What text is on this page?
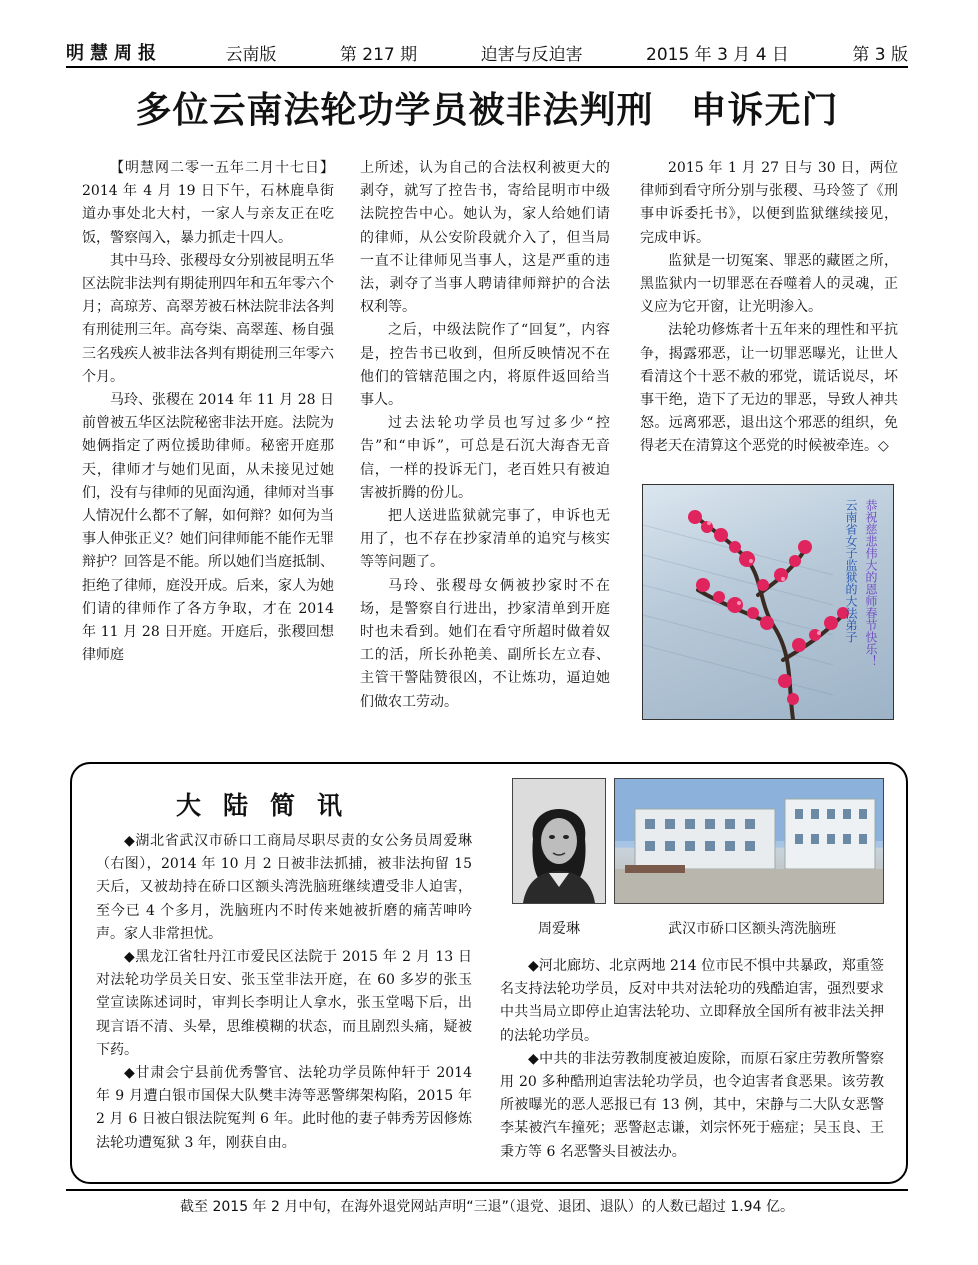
明慧周报	云南版	第 217 期	迫害与反迫害	2015 年 3 月 4 日	第 3 版
多位云南法轮功学员被非法判刑　申诉无门

【明慧网二零一五年二月十七日】2014 年 4 月 19 日下午，石林鹿阜街道办事处北大村，一家人与亲友正在吃饭，警察闯入，暴力抓走十四人。

其中马玲、张稷母女分别被昆明五华区法院非法判有期徒刑四年和五年零六个月；高琼芳、高翠芳被石林法院非法各判有刑徒刑三年。高夸柒、高翠莲、杨自强三名残疾人被非法各判有期徒刑三年零六个月。

马玲、张稷在 2014 年 11 月 28 日前曾被五华区法院秘密非法开庭。法院为她俩指定了两位援助律师。秘密开庭那天，律师才与她们见面，从未接见过她们，没有与律师的见面沟通，律师对当事人情况什么都不了解，如何辩？如何为当事人伸张正义？她们问律师能不能作无罪辩护？回答是不能。所以她们当庭抵制、拒绝了律师，庭没开成。后来，家人为她们请的律师作了各方争取，才在 2014 年 11 月 28 日开庭。开庭后，张稷回想律师庭

上所述，认为自己的合法权利被更大的剥夺，就写了控告书，寄给昆明市中级法院控告中心。她认为，家人给她们请的律师，从公安阶段就介入了，但当局一直不让律师见当事人，这是严重的违法，剥夺了当事人聘请律师辩护的合法权利等。

之后，中级法院作了“回复”，内容是，控告书已收到，但所反映情况不在他们的管辖范围之内，将原件返回给当事人。

过去法轮功学员也写过多少“控告”和“申诉”，可总是石沉大海杳无音信，一样的投诉无门，老百姓只有被迫害被折腾的份儿。

把人送进监狱就完事了，申诉也无用了，也不存在抄家清单的追究与核实等等问题了。

马玲、张稷母女俩被抄家时不在场，是警察自行进出，抄家清单到开庭时也未看到。她们在看守所超时做着奴工的活，所长孙艳美、副所长左立春、主管干警陆赞很凶，不让炼功，逼迫她们做农工劳动。

2015 年 1 月 27 日与 30 日，两位律师到看守所分别与张稷、马玲签了《刑事申诉委托书》，以便到监狱继续接见，完成申诉。

监狱是一切冤案、罪恶的藏匿之所，黑监狱内一切罪恶在吞噬着人的灵魂，正义应为它开窗，让光明渗入。

法轮功修炼者十五年来的理性和平抗争，揭露邪恶，让一切罪恶曝光，让世人看清这个十恶不赦的邪党，谎话说尽，坏事干绝，造下了无边的罪恶，导致人神共怒。远离邪恶，退出这个邪恶的组织，免得老天在清算这个恶党的时候被牵连。◇

恭祝慈悲伟大的恩师春节快乐！
云南省女子监狱的大法弟子
大陆简讯

◆湖北省武汉市硚口工商局尽职尽责的女公务员周爱琳（右图），2014 年 10 月 2 日被非法抓捕，被非法拘留 15 天后，又被劫持在硚口区额头湾洗脑班继续遭受非人迫害，至今已 4 个多月，洗脑班内不时传来她被折磨的痛苦呻吟声。家人非常担忧。

◆黑龙江省牡丹江市爱民区法院于 2015 年 2 月 13 日对法轮功学员关日安、张玉堂非法开庭，在 60 多岁的张玉堂宣读陈述词时，审判长李明让人拿水，张玉堂喝下后，出现言语不清、头晕，思维模糊的状态，而且剧烈头痛，疑被下药。

◆甘肃会宁县前优秀警官、法轮功学员陈仲轩于 2014 年 9 月遭白银市国保大队樊丰涛等恶警绑架构陷，2015 年 2 月 6 日被白银法院冤判 6 年。此时他的妻子韩秀芳因修炼法轮功遭冤狱 3 年，刚获自由。

周爱琳	武汉市硚口区额头湾洗脑班

◆河北廊坊、北京两地 214 位市民不惧中共暴政，郑重签名支持法轮功学员，反对中共对法轮功的残酷迫害，强烈要求中共当局立即停止迫害法轮功、立即释放全国所有被非法关押的法轮功学员。

◆中共的非法劳教制度被迫废除，而原石家庄劳教所警察用 20 多种酷刑迫害法轮功学员，也令迫害者食恶果。该劳教所被曝光的恶人恶报已有 13 例，其中，宋静与二大队女恶警李某被汽车撞死；恶警赵志谦，刘宗怀死于癌症；吴玉良、王秉方等 6 名恶警头目被法办。

截至 2015 年 2 月中旬，在海外退党网站声明“三退”（退党、退团、退队）的人数已超过 1.94 亿。
